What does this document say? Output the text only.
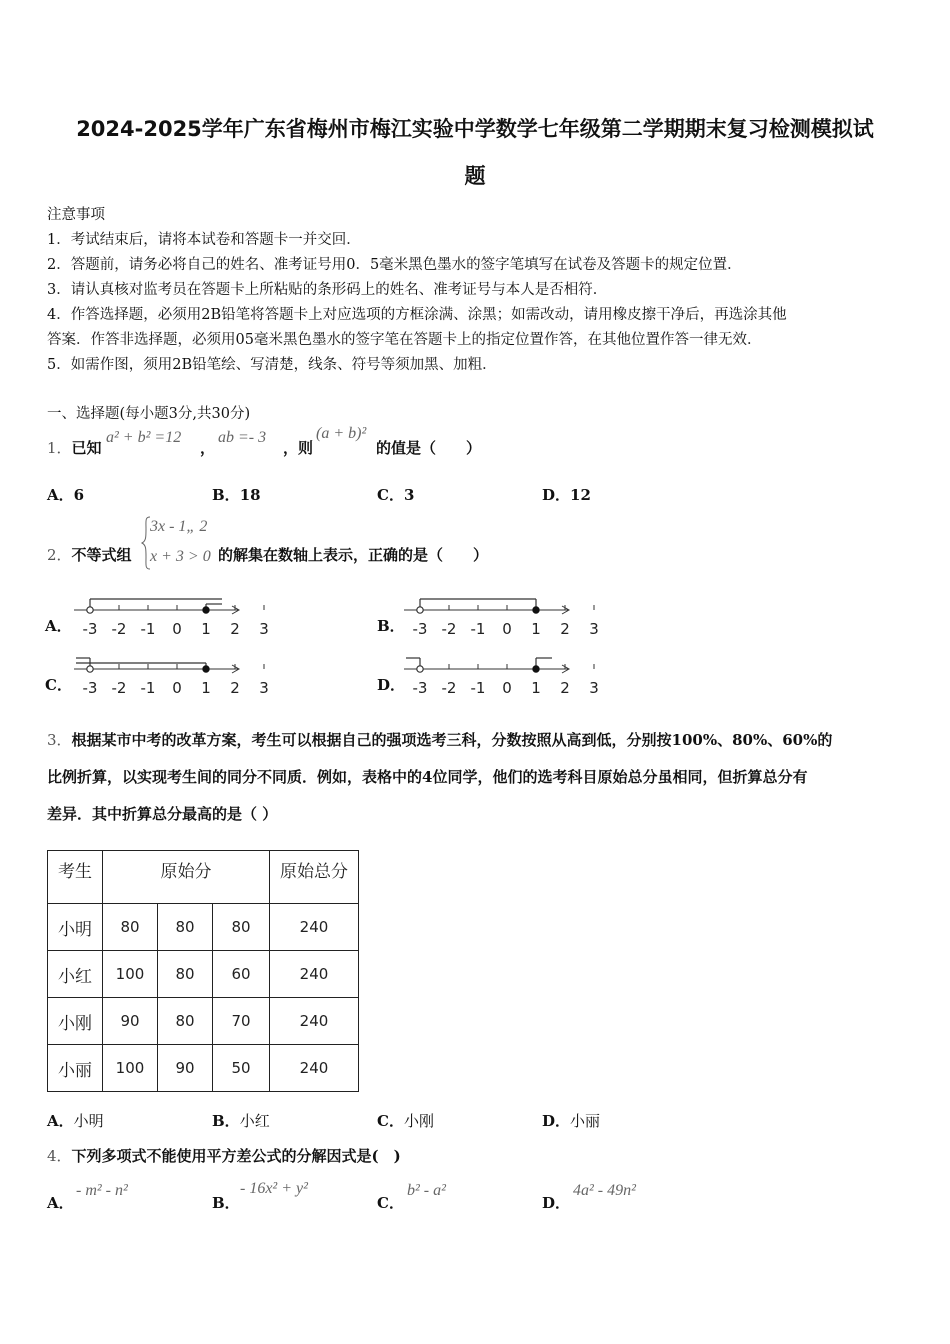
2024-2025学年广东省梅州市梅江实验中学数学七年级第二学期期末复习检测模拟试
题
注意事项
1．考试结束后，请将本试卷和答题卡一并交回．
2．答题前，请务必将自己的姓名、准考证号用0．5毫米黑色墨水的签字笔填写在试卷及答题卡的规定位置．
3．请认真核对监考员在答题卡上所粘贴的条形码上的姓名、准考证号与本人是否相符．
4．作答选择题，必须用2B铅笔将答题卡上对应选项的方框涂满、涂黑；如需改动，请用橡皮擦干净后，再选涂其他
答案．作答非选择题，必须用05毫米黑色墨水的签字笔在答题卡上的指定位置作答，在其他位置作答一律无效．
5．如需作图，须用2B铅笔绘、写清楚，线条、符号等须加黑、加粗．
一、选择题(每小题3分,共30分)
1．已知
a² + b² =12
，
ab =- 3
，则
(a + b)²
的值是（　　）
A．6	B．18	C．3	D．12
2．不等式组
3x - 1„ 2
x + 3 > 0 的解集在数轴上表示，正确的是（　　）
A．	B．
C．	D．
-3 -2 -1 0 1 2 3	-3 -2 -1 0 1 2 3
-3 -2 -1 0 1 2 3	-3 -2 -1 0 1 2 3
3．根据某市中考的改革方案，考生可以根据自己的强项选考三科，分数按照从高到低，分别按100%、80%、60%的
比例折算，以实现考生间的同分不同质．例如，表格中的4位同学，他们的选考科目原始总分虽相同，但折算总分有
差异．其中折算总分最高的是（ ）
考生	原始分			原始总分
小明	80	80	80	240
小红	100	80	60	240
小刚	90	80	70	240
小丽	100	90	50	240
A．小明	B．小红	C．小刚	D．小丽
4．下列多项式不能使用平方差公式的分解因式是(　)
A．
- m² - n²
B．
- 16x² + y²
C．
b² - a²
D．
4a² - 49n²
